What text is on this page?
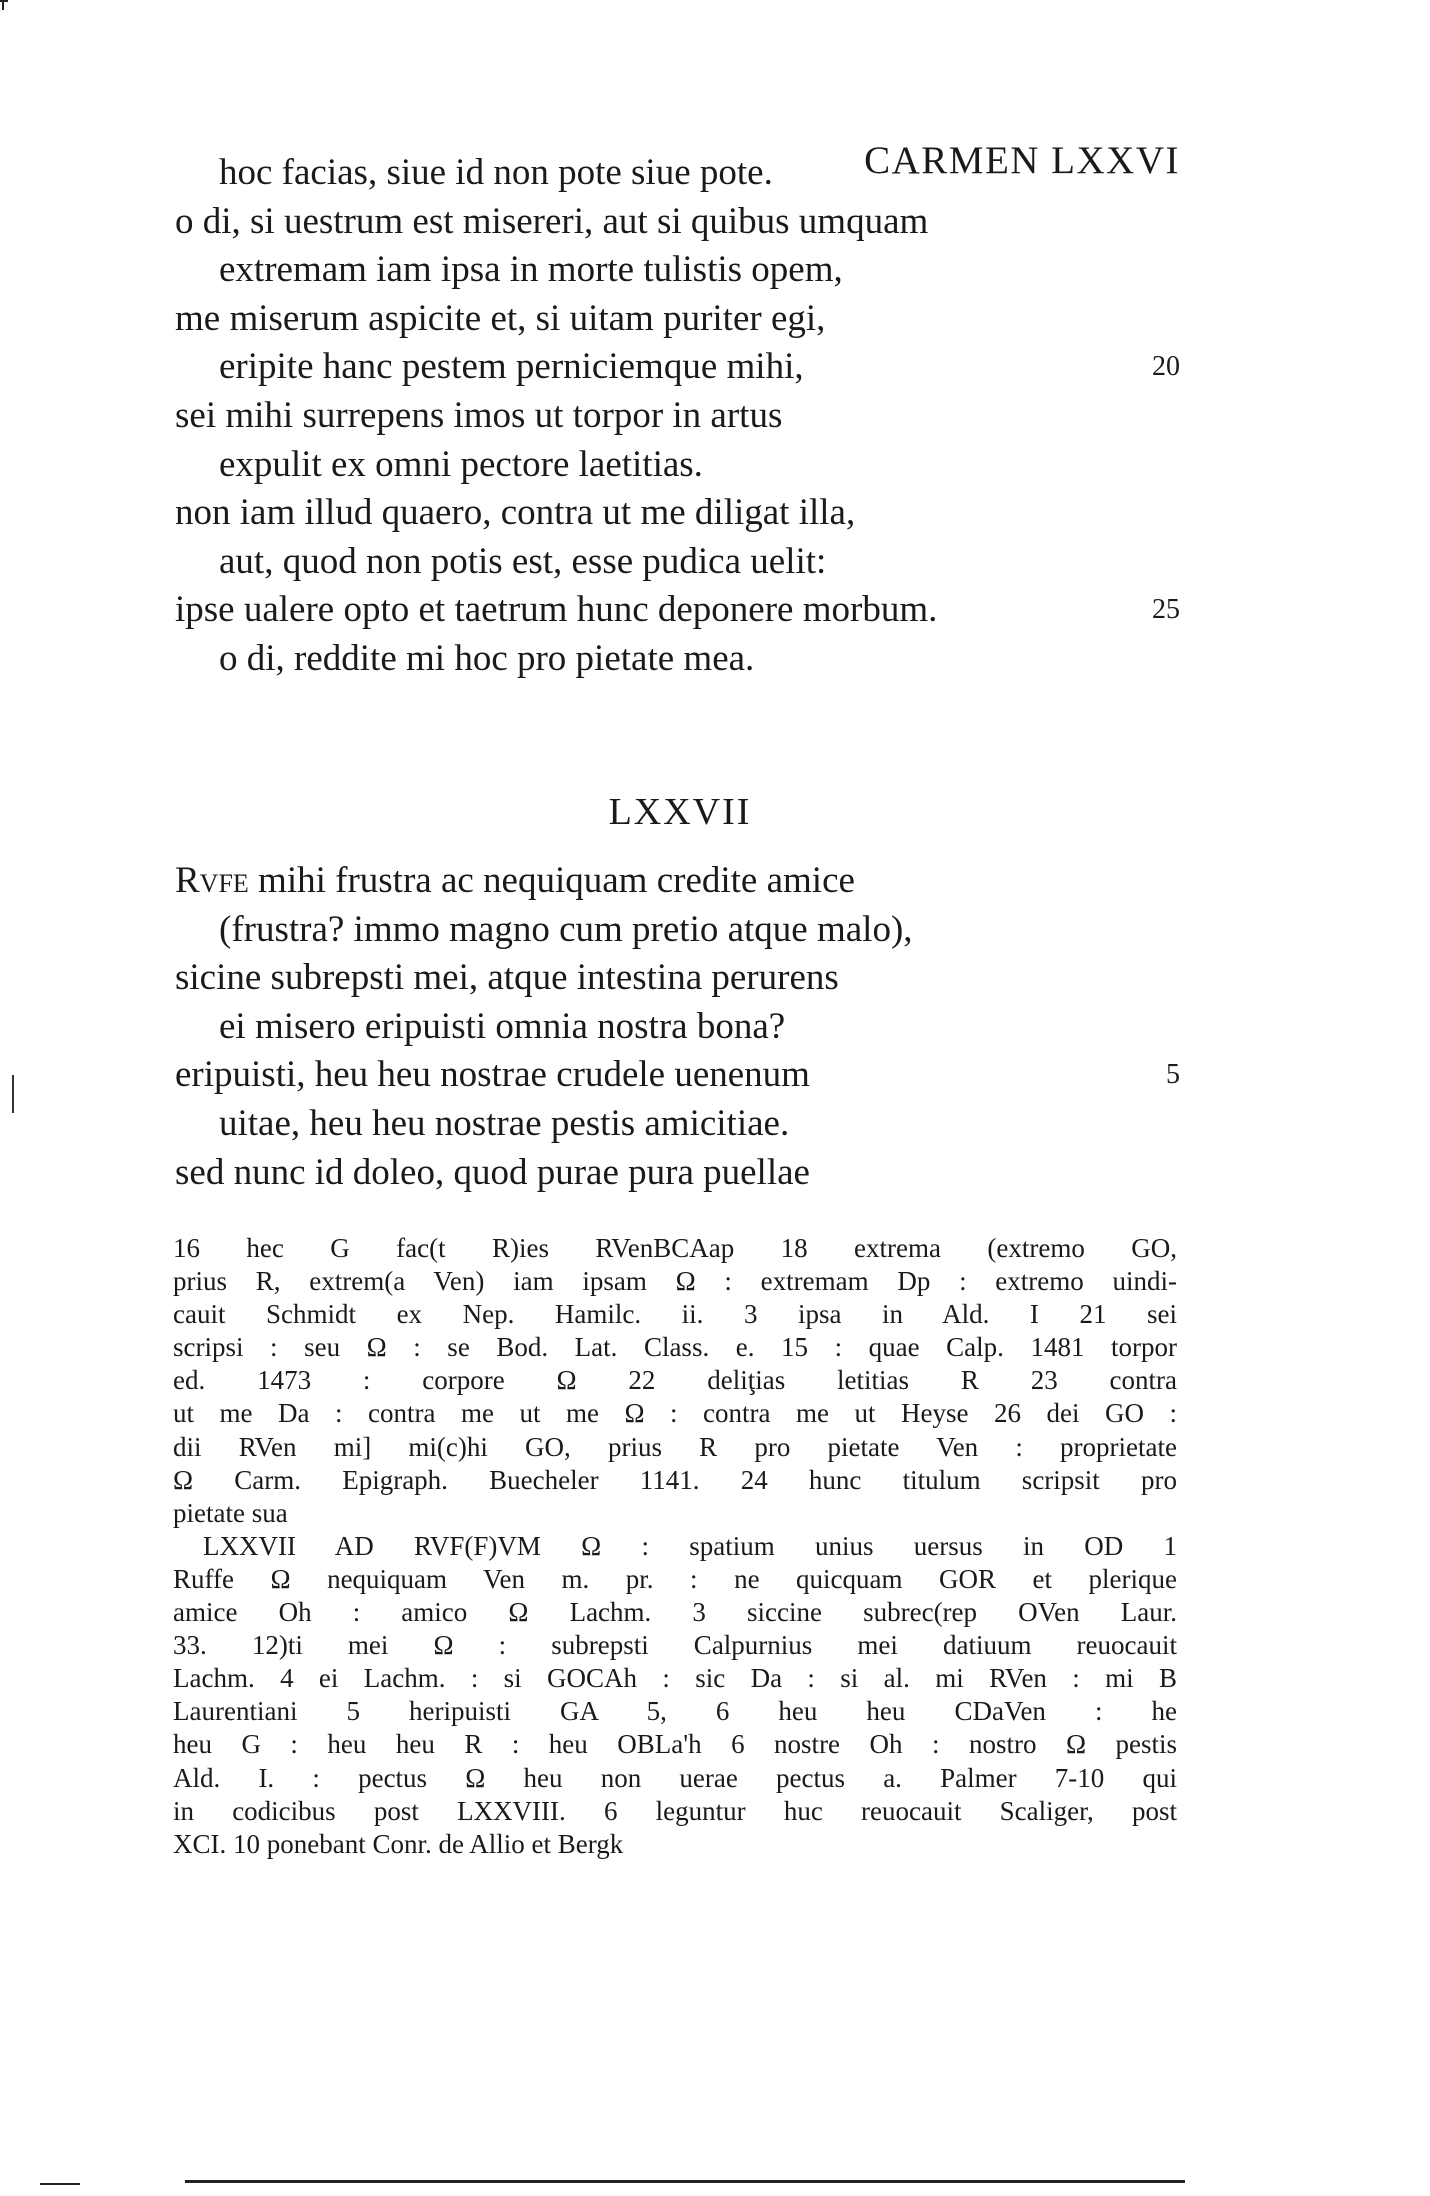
CARMEN LXXVI
hoc facias, siue id non pote siue pote.
o di, si uestrum est misereri, aut si quibus umquam
extremam iam ipsa in morte tulistis opem,
me miserum aspicite et, si uitam puriter egi,
eripite hanc pestem perniciemque mihi,	20
sei mihi surrepens imos ut torpor in artus
expulit ex omni pectore laetitias.
non iam illud quaero, contra ut me diligat illa,
aut, quod non potis est, esse pudica uelit:
ipse ualere opto et taetrum hunc deponere morbum.	25
o di, reddite mi hoc pro pietate mea.
LXXVII
Rvfe mihi frustra ac nequiquam credite amice
(frustra? immo magno cum pretio atque malo),
sicine subrepsti mei, atque intestina perurens
ei misero eripuisti omnia nostra bona?
eripuisti, heu heu nostrae crudele uenenum	5
uitae, heu heu nostrae pestis amicitiae.
sed nunc id doleo, quod purae pura puellae

16 hec G fac(t R)ies RVenBCAap 18 extrema (extremo GO,
prius R, extrem(a Ven) iam ipsam Ω : extremam Dp : extremo uindi-
cauit Schmidt ex Nep. Hamilc. ii. 3 ipsa in Ald. I 21 sei
scripsi : seu Ω : se Bod. Lat. Class. e. 15 : quae Calp. 1481 torpor
ed. 1473 : corpore Ω 22 deliţias letitias R 23 contra
ut me Da : contra me ut me Ω : contra me ut Heyse 26 dei GO :
dii RVen mi] mi(c)hi GO, prius R pro pietate Ven : proprietate
Ω Carm. Epigraph. Buecheler 1141. 24 hunc titulum scripsit pro
pietate sua

LXXVII AD RVF(F)VM Ω : spatium unius uersus in OD 1
Ruffe Ω nequiquam Ven m. pr. : ne quicquam GOR et plerique
amice Oh : amico Ω Lachm. 3 siccine subrec(rep OVen Laur.
33. 12)ti mei Ω : subrepsti Calpurnius mei datiuum reuocauit
Lachm. 4 ei Lachm. : si GOCAh : sic Da : si al. mi RVen : mi B
Laurentiani 5 heripuisti GA 5, 6 heu heu CDaVen : he
heu G : heu heu R : heu OBLa'h 6 nostre Oh : nostro Ω pestis
Ald. I. : pectus Ω heu non uerae pectus a. Palmer 7-10 qui
in codicibus post LXXVIII. 6 leguntur huc reuocauit Scaliger, post
XCI. 10 ponebant Conr. de Allio et Bergk
